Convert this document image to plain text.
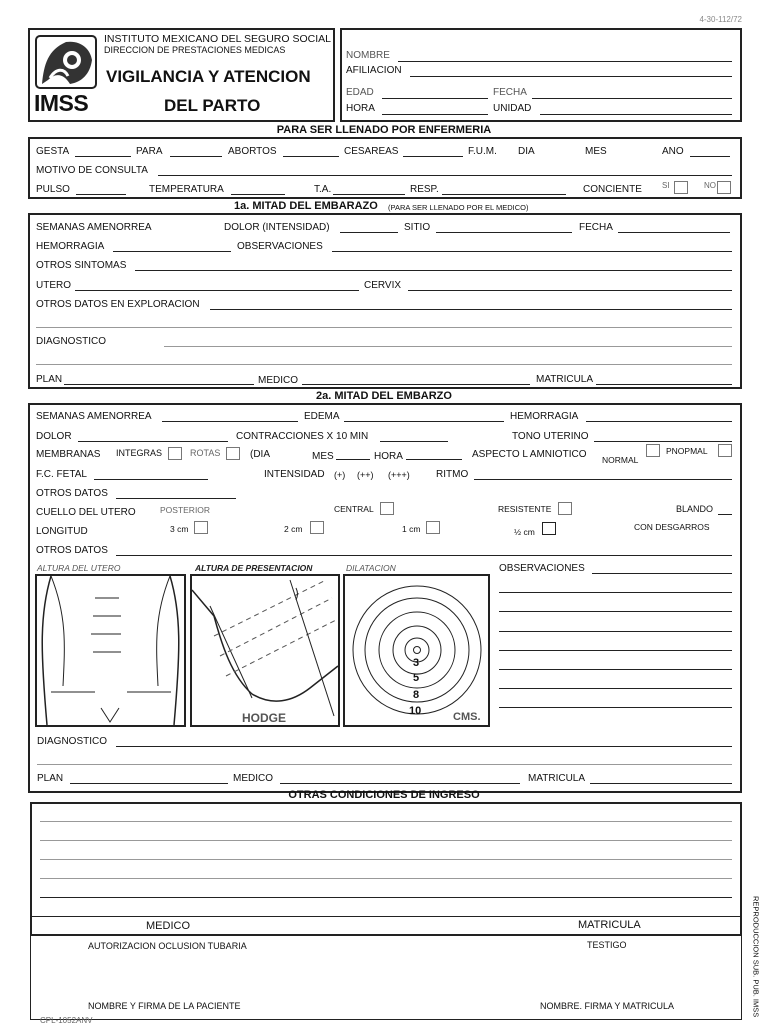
4-30-112/72
IMSS
INSTITUTO MEXICANO DEL SEGURO SOCIAL
DIRECCION DE PRESTACIONES MEDICAS
VIGILANCIA Y ATENCION
DEL PARTO
NOMBRE
AFILIACION
EDAD	FECHA
HORA	UNIDAD
PARA SER LLENADO POR ENFERMERIA
GESTA	PARA	ABORTOS	CESAREAS	F.U.M. DIA	MES	ANO
MOTIVO DE CONSULTA
PULSO	TEMPERATURA	T.A.	RESP.	CONCIENTE	SI	NO
1a. MITAD DEL EMBARAZO (PARA SER LLENADO POR EL MEDICO)
SEMANAS AMENORREA	DOLOR (INTENSIDAD)	SITIO	FECHA
HEMORRAGIA	OBSERVACIONES
OTROS SINTOMAS
UTERO	CERVIX
OTROS DATOS EN EXPLORACION
DIAGNOSTICO
PLAN	MEDICO	MATRICULA
2a. MITAD DEL EMBARZO
SEMANAS AMENORREA	EDEMA	HEMORRAGIA
DOLOR	CONTRACCIONES X 10 MIN	TONO UTERINO
MEMBRANAS INTEGRAS	ROTAS	(DIA	MES	HORA	ASPECTO L AMNIOTICO NORMAL
PNOPMAL
F.C. FETAL	INTENSIDAD (+) (++) (+++)	RITMO
OTROS DATOS
CUELLO DEL UTERO	POSTERIOR	CENTRAL	RESISTENTE	BLANDO
LONGITUD	3 cm	2 cm	1 cm	½ cm	CON DESGARROS
OTROS DATOS
ALTURA DEL UTERO	ALTURA DE PRESENTACION	DILATACION
HODGE
3
5
8
10	CMS.
OBSERVACIONES
DIAGNOSTICO
PLAN	MEDICO	MATRICULA
OTRAS CONDICIONES DE INGRESO
MEDICO	MATRICULA
AUTORIZACION OCLUSION TUBARIA	TESTIGO
NOMBRE Y FIRMA DE LA PACIENTE	NOMBRE. FIRMA Y MATRICULA	REPRODUCCION SUB. PUB. IMSS
CPL-1052ANV
